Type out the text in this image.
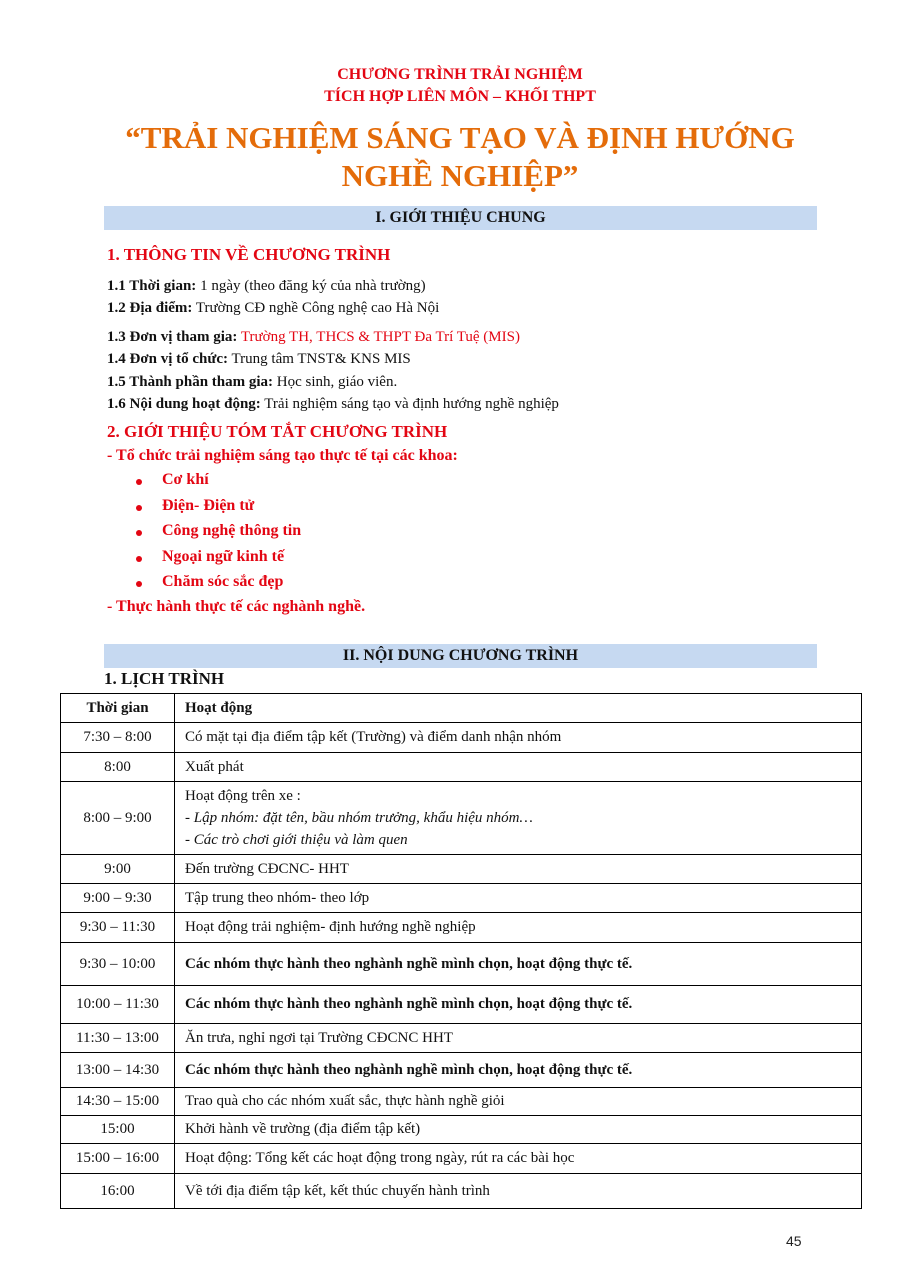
CHƯƠNG TRÌNH TRẢI NGHIỆM
TÍCH HỢP LIÊN MÔN – KHỐI THPT
“TRẢI NGHIỆM SÁNG TẠO VÀ ĐỊNH HƯỚNG
NGHỀ NGHIỆP”
I. GIỚI THIỆU CHUNG
1. THÔNG TIN VỀ CHƯƠNG TRÌNH
1.1 Thời gian: 1 ngày (theo đăng ký của nhà trường)
1.2 Địa điểm: Trường CĐ nghề Công nghệ cao Hà Nội
1.3 Đơn vị tham gia: Trường TH, THCS & THPT Đa Trí Tuệ (MIS)
1.4 Đơn vị tổ chức: Trung tâm TNST& KNS MIS
1.5 Thành phần tham gia: Học sinh, giáo viên.
1.6 Nội dung hoạt động: Trải nghiệm sáng tạo và định hướng nghề nghiệp
2. GIỚI THIỆU TÓM TẮT CHƯƠNG TRÌNH
- Tổ chức trải nghiệm sáng tạo thực tế tại các khoa:
Cơ khí
Điện- Điện tử
Công nghệ thông tin
Ngoại ngữ kinh tế
Chăm sóc sắc đẹp
- Thực hành thực tế các nghành nghề.
II. NỘI DUNG CHƯƠNG TRÌNH
1. LỊCH TRÌNH
Thời gian	Hoạt động
7:30 – 8:00	Có mặt tại địa điểm tập kết (Trường) và điểm danh nhận nhóm
8:00	Xuất phát
8:00 – 9:00	Hoạt động trên xe :
- Lập nhóm: đặt tên, bầu nhóm trưởng, khẩu hiệu nhóm…
- Các trò chơi giới thiệu và làm quen

9:00	Đến trường CĐCNC- HHT
9:00 – 9:30	Tập trung theo nhóm- theo lớp
9:30 – 11:30	Hoạt động trải nghiệm- định hướng nghề nghiệp
9:30 – 10:00	Các nhóm thực hành theo nghành nghề mình chọn, hoạt động thực tế.
10:00 – 11:30	Các nhóm thực hành theo nghành nghề mình chọn, hoạt động thực tế.
11:30 – 13:00	Ăn trưa, nghỉ ngơi tại Trường CĐCNC HHT
13:00 – 14:30	Các nhóm thực hành theo nghành nghề mình chọn, hoạt động thực tế.
14:30 – 15:00	Trao quà cho các nhóm xuất sắc, thực hành nghề giỏi
15:00	Khởi hành về trường (địa điểm tập kết)
15:00 – 16:00	Hoạt động: Tổng kết các hoạt động trong ngày, rút ra các bài học
16:00	Về tới địa điểm tập kết, kết thúc chuyến hành trình
45
